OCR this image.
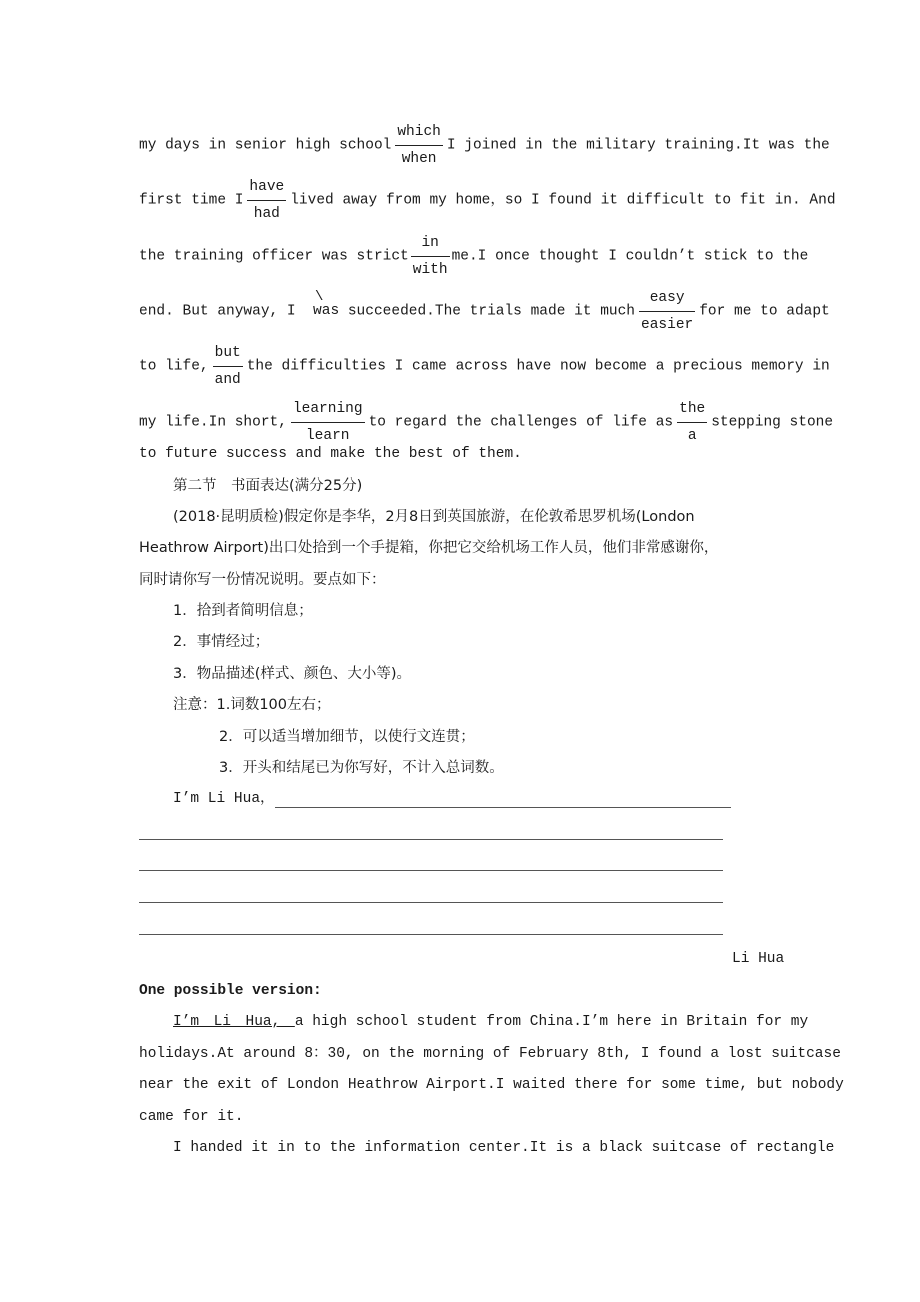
my days in senior high school $\frac{\text{which}}{\text{when}}$ I joined in the military training.It was the
first time I $\frac{\text{have}}{\text{had}}$ lived away from my home，so I found it difficult to fit in. And
the training officer was strict $\frac{in}{\text{with}} me.I$ once thought I couldn’t stick to the
end. But anyway, I
\
was succeeded.The trials made it much $\frac{\text{easy}}{\text{easier}}$ for me to adapt
to life, $\frac{\text{but}}{\text{and}}$ the difficulties I came across have now become a precious memory in
my life.In short, $\frac{\text{learning}}{\text{learn}}$ to regard the challenges of life as $\frac{\text{the}}{a}$ stepping stone
to future success and make the best of them.
第二节　书面表达(满分25分)
(2018·昆明质检)假定你是李华，2月8日到英国旅游，在伦敦希思罗机场(London
Heathrow Airport)出口处拾到一个手提箱，你把它交给机场工作人员，他们非常感谢你，
同时请你写一份情况说明。要点如下：
1．拾到者简明信息；
2．事情经过；
3．物品描述(样式、颜色、大小等)。
注意：1.词数100左右；
2．可以适当增加细节，以使行文连贯；
3．开头和结尾已为你写好，不计入总词数。
I’m Li Hua，
Li Hua
One possible version:
I’m　Li　Hua,　a high school student from China.I’m here in Britain for my
holidays.At around 8：30, on the morning of February 8th, I found a lost suitcase
near the exit of London Heathrow Airport.I waited there for some time, but nobody
came for it.
I handed it in to the information center.It is a black suitcase of rectangle
